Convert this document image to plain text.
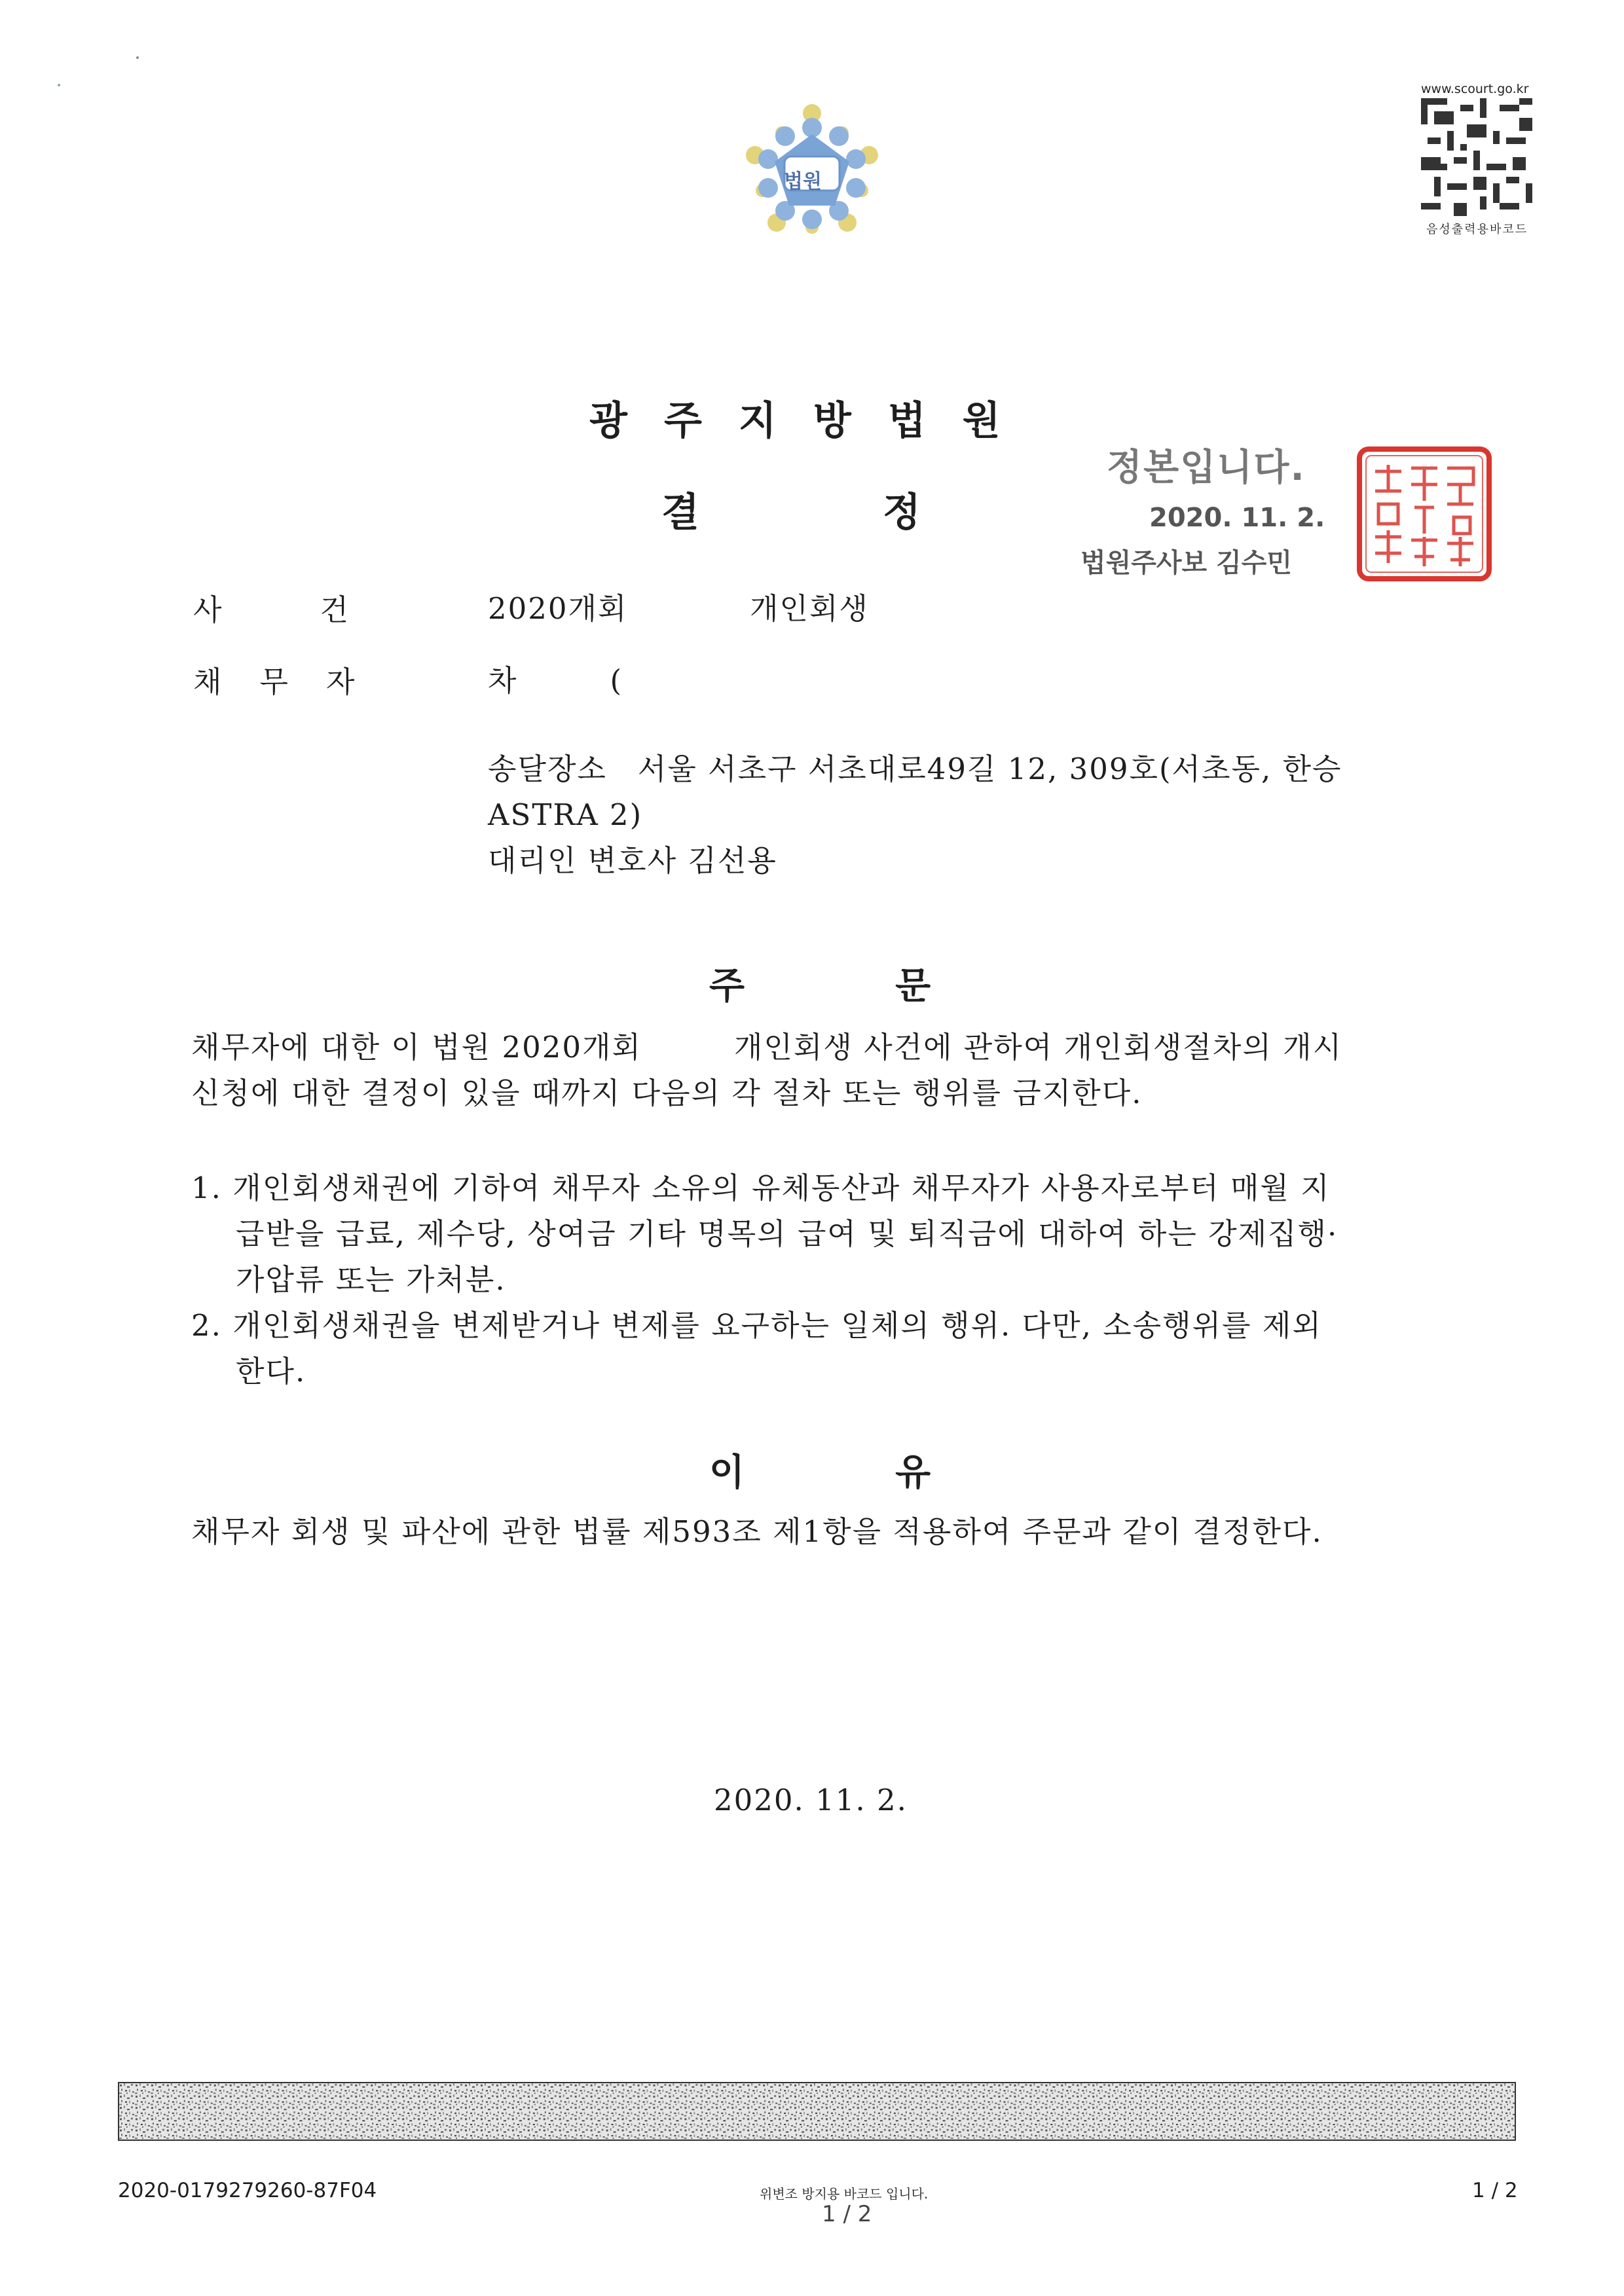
법원
www.scourt.go.kr
음성출력용바코드
광주지방법원
결정
정본입니다.
2020. 11. 2.
법원주사보 김수민
사건 2020개회	개인회생
채무자	차　　　(
송달장소　서울 서초구 서초대로49길 12, 309호(서초동, 한승
ASTRA 2)
대리인 변호사 김선용
주문
채무자에 대한 이 법원 2020개회　　　개인회생 사건에 관하여 개인회생절차의 개시
신청에 대한 결정이 있을 때까지 다음의 각 절차 또는 행위를 금지한다.
1. 개인회생채권에 기하여 채무자 소유의 유체동산과 채무자가 사용자로부터 매월 지
급받을 급료, 제수당, 상여금 기타 명목의 급여 및 퇴직금에 대하여 하는 강제집행·
가압류 또는 가처분.
2. 개인회생채권을 변제받거나 변제를 요구하는 일체의 행위. 다만, 소송행위를 제외
한다.
이유
채무자 회생 및 파산에 관한 법률 제593조 제1항을 적용하여 주문과 같이 결정한다.
2020. 11. 2.
2020-0179279260-87F04	위변조 방지용 바코드 입니다.
1 / 2
1 / 2
